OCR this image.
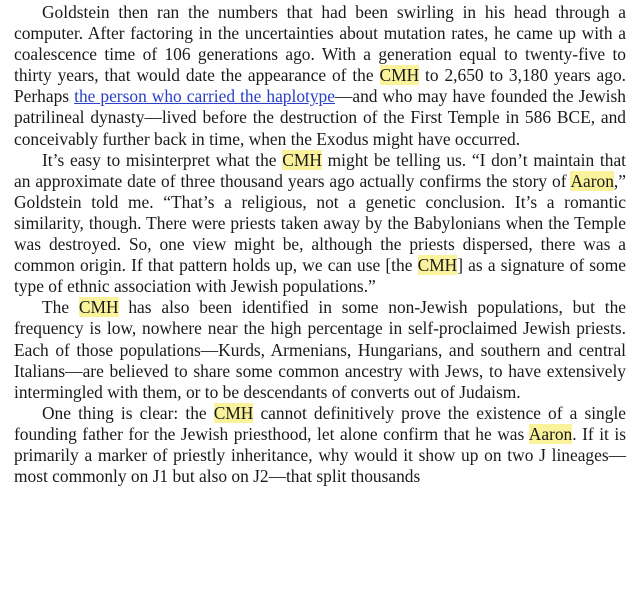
Goldstein then ran the numbers that had been swirling in his head through a computer. After factoring in the uncertainties about mutation rates, he came up with a coalescence time of 106 generations ago. With a generation equal to twenty-five to thirty years, that would date the appearance of the CMH to 2,650 to 3,180 years ago. Perhaps the person who carried the haplotype—and who may have founded the Jewish patrilineal dynasty—lived before the destruction of the First Temple in 586 BCE, and conceivably further back in time, when the Exodus might have occurred.

It’s easy to misinterpret what the CMH might be telling us. “I don’t maintain that an approximate date of three thousand years ago actually confirms the story of Aaron,” Goldstein told me. “That’s a religious, not a genetic conclusion. It’s a romantic similarity, though. There were priests taken away by the Babylonians when the Temple was destroyed. So, one view might be, although the priests dispersed, there was a common origin. If that pattern holds up, we can use [the CMH] as a signature of some type of ethnic association with Jewish populations.”

The CMH has also been identified in some non-Jewish populations, but the frequency is low, nowhere near the high percentage in self-proclaimed Jewish priests. Each of those populations—Kurds, Armenians, Hungarians, and southern and central Italians—are believed to share some common ancestry with Jews, to have extensively intermingled with them, or to be descendants of converts out of Judaism.

One thing is clear: the CMH cannot definitively prove the existence of a single founding father for the Jewish priesthood, let alone confirm that he was Aaron. If it is primarily a marker of priestly inheritance, why would it show up on two J lineages—most commonly on J1 but also on J2—that split thousands
